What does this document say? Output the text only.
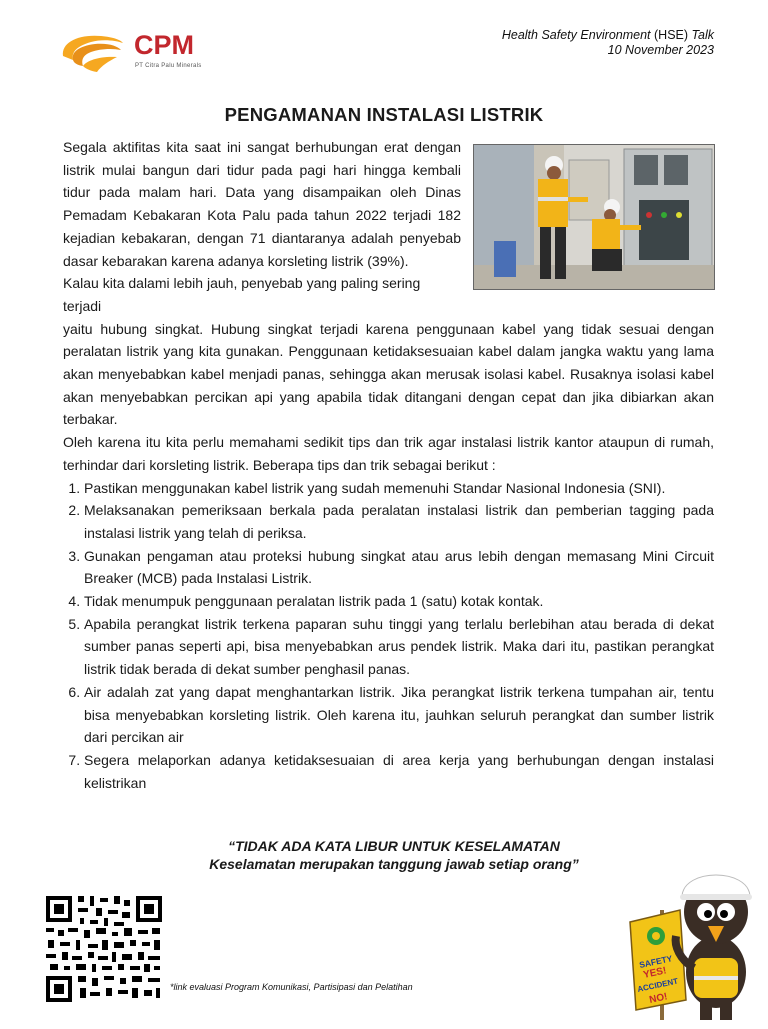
CPM
PT Citra Palu Minerals
Health Safety Environment (HSE) Talk
10 November 2023
PENGAMANAN INSTALASI LISTRIK

Segala aktifitas kita saat ini sangat berhubungan erat dengan listrik mulai bangun dari tidur pada pagi hari hingga kembali tidur pada malam hari. Data yang disampaikan oleh Dinas Pemadam Kebakaran Kota Palu pada tahun 2022 terjadi 182 kejadian kebakaran, dengan 71 diantaranya adalah penyebab dasar kebarakan karena adanya korsleting listrik (39%).

Kalau kita dalami lebih jauh, penyebab yang paling sering terjadi

yaitu hubung singkat. Hubung singkat terjadi karena penggunaan kabel yang tidak sesuai dengan peralatan listrik yang kita gunakan. Penggunaan ketidaksesuaian kabel dalam jangka waktu yang lama akan menyebabkan kabel menjadi panas, sehingga akan merusak isolasi kabel. Rusaknya isolasi kabel akan menyebabkan percikan api yang apabila tidak ditangani dengan cepat dan jika dibiarkan akan terbakar.

Oleh karena itu kita perlu memahami sedikit tips dan trik agar instalasi listrik kantor ataupun di rumah, terhindar dari korsleting listrik. Beberapa tips dan trik sebagai berikut :

1. Pastikan menggunakan kabel listrik yang sudah memenuhi Standar Nasional Indonesia (SNI).
2. Melaksanakan pemeriksaan berkala pada peralatan instalasi listrik dan pemberian tagging pada instalasi listrik yang telah di periksa.
3. Gunakan pengaman atau proteksi hubung singkat atau arus lebih dengan memasang Mini Circuit Breaker (MCB) pada Instalasi Listrik.
4. Tidak menumpuk penggunaan peralatan listrik pada 1 (satu) kotak kontak.
5. Apabila perangkat listrik terkena paparan suhu tinggi yang terlalu berlebihan atau berada di dekat sumber panas seperti api, bisa menyebabkan arus pendek listrik. Maka dari itu, pastikan perangkat listrik tidak berada di dekat sumber penghasil panas.
6. Air adalah zat yang dapat menghantarkan listrik. Jika perangkat listrik terkena tumpahan air, tentu bisa menyebabkan korsleting listrik. Oleh karena itu, jauhkan seluruh perangkat dan sumber listrik dari percikan air
7. Segera melaporkan adanya ketidaksesuaian di area kerja yang berhubungan dengan instalasi kelistrikan
“TIDAK ADA KATA LIBUR UNTUK KESELAMATAN
Keselamatan merupakan tanggung jawab setiap orang”
*link evaluasi Program Komunikasi, Partisipasi dan Pelatihan
SAFETY
YES!
ACCIDENT
NO!
